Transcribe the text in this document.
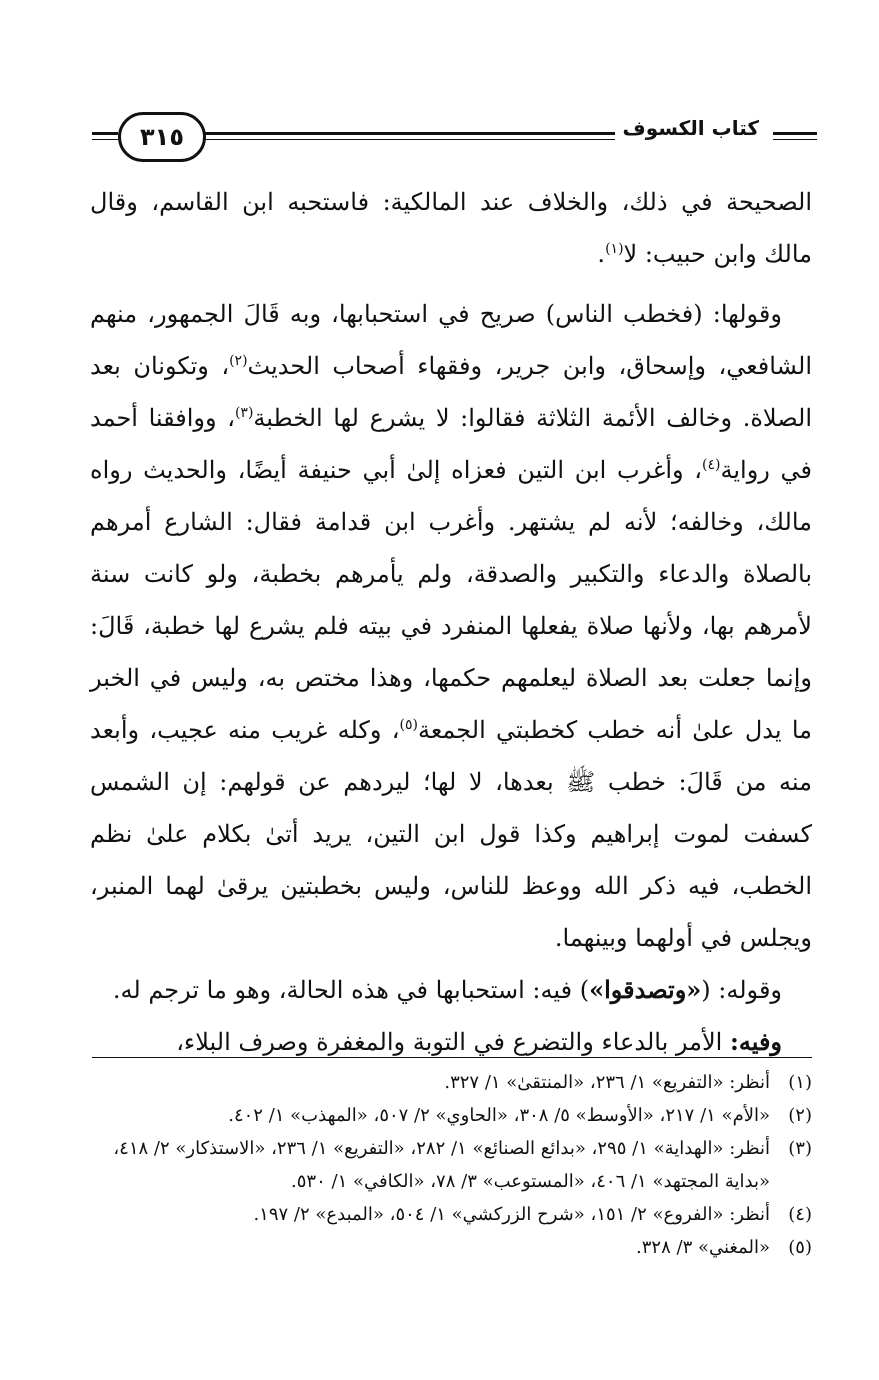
٣١٥	كتاب الكسوف

الصحيحة في ذلك، والخلاف عند المالكية: فاستحبه ابن القاسم، وقال مالك وابن حبيب: لا$^{(١)}$.

وقولها: (فخطب الناس) صريح في استحبابها، وبه قَالَ الجمهور، منهم الشافعي، وإسحاق، وابن جرير، وفقهاء أصحاب الحديث$^{(٢)}$، وتكونان بعد الصلاة. وخالف الأئمة الثلاثة فقالوا: لا يشرع لها الخطبة$^{(٣)}$، ووافقنا أحمد في رواية$^{(٤)}$، وأغرب ابن التين فعزاه إلىٰ أبي حنيفة أيضًا، والحديث رواه مالك، وخالفه؛ لأنه لم يشتهر. وأغرب ابن قدامة فقال: الشارع أمرهم بالصلاة والدعاء والتكبير والصدقة، ولم يأمرهم بخطبة، ولو كانت سنة لأمرهم بها، ولأنها صلاة يفعلها المنفرد في بيته فلم يشرع لها خطبة، قَالَ: وإنما جعلت بعد الصلاة ليعلمهم حكمها، وهذا مختص به، وليس في الخبر ما يدل علىٰ أنه خطب كخطبتي الجمعة$^{(٥)}$، وكله غريب منه عجيب، وأبعد منه من قَالَ: خطب ﷺ بعدها، لا لها؛ ليردهم عن قولهم: إن الشمس كسفت لموت إبراهيم وكذا قول ابن التين، يريد أتىٰ بكلام علىٰ نظم الخطب، فيه ذكر الله ووعظ للناس، وليس بخطبتين يرقىٰ لهما المنبر، ويجلس في أولهما وبينهما.

وقوله: («وتصدقوا») فيه: استحبابها في هذه الحالة، وهو ما ترجم له.

وفيه: الأمر بالدعاء والتضرع في التوبة والمغفرة وصرف البلاء،

(١)
أنظر: «التفريع» ١/ ٢٣٦، «المنتقىٰ» ١/ ٣٢٧.
(٢)
«الأم» ١/ ٢١٧، «الأوسط» ٥/ ٣٠٨، «الحاوي» ٢/ ٥٠٧، «المهذب» ١/ ٤٠٢.
(٣)
أنظر: «الهداية» ١/ ٢٩٥، «بدائع الصنائع» ١/ ٢٨٢، «التفريع» ١/ ٢٣٦، «الاستذكار» ٢/ ٤١٨، «بداية المجتهد» ١/ ٤٠٦، «المستوعب» ٣/ ٧٨، «الكافي» ١/ ٥٣٠.
(٤)
أنظر: «الفروع» ٢/ ١٥١، «شرح الزركشي» ١/ ٥٠٤، «المبدع» ٢/ ١٩٧.
(٥)
«المغني» ٣/ ٣٢٨.
